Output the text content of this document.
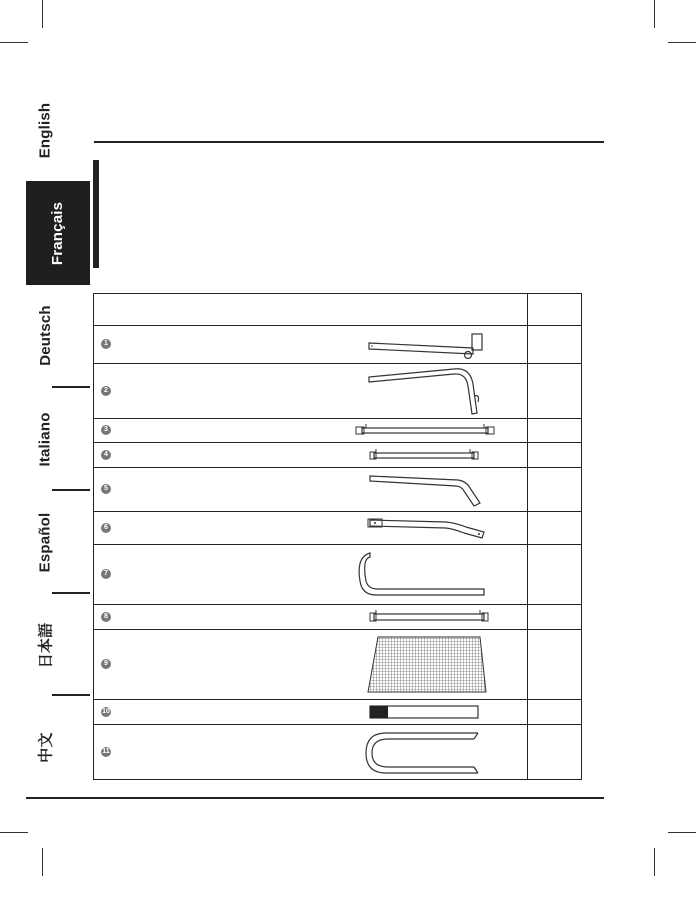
English
Français
Deutsch
Italiano
Español
日本語
中文

1

2

3

4

5

6

7

8

9

10

11
